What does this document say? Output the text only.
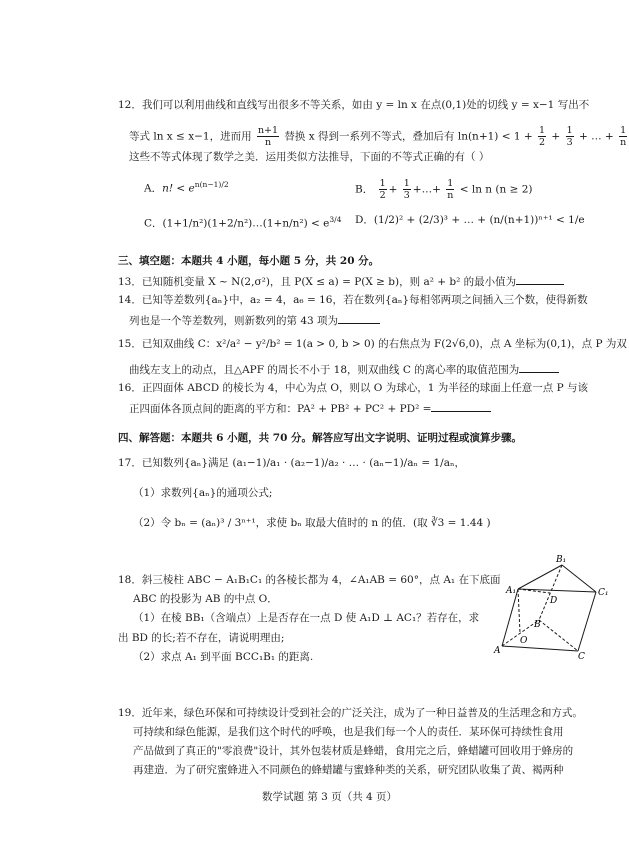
12．我们可以利用曲线和直线写出很多不等关系，如由 y = ln x 在点(0,1)处的切线 y = x−1 写出不
等式 ln x ≤ x−1，进而用 $\frac{n+1}{n}$ 替换 x 得到一系列不等式，叠加后有 $\ln(n+1) < 1 + \frac{1}{2} + \frac{1}{3}$ + … + $\frac{1}{n}$
这些不等式体现了数学之美．运用类似方法推导，下面的不等式正确的有（ ）
A．n! < $e^{n(n-1)/2}$	B． $\frac{1}{2} + \frac{1}{3}$ +…+ $\frac{1}{n} < \ln n$ (n ≥ 2)
C．(1+1/n²)(1+2/n²)…(1+n/n²) < $e^{3/4}$ D．(1/2)² + (2/3)³ + … + (n/(n+1))ⁿ⁺¹ < 1/e
三、填空题：本题共 4 小题，每小题 5 分，共 20 分。
13．已知随机变量 X ~ N(2,σ²)，且 P(X ≤ a) = P(X ≥ b)，则 a² + b² 的最小值为
14．已知等差数列{aₙ}中，a₂ = 4，a₆ = 16，若在数列{aₙ}每相邻两项之间插入三个数，使得新数
列也是一个等差数列，则新数列的第 43 项为
15．已知双曲线 C：x²/a² − y²/b² = 1(a > 0, b > 0) 的右焦点为 F(2√6,0)，点 A 坐标为(0,1)，点 P 为双
曲线左支上的动点，且△APF 的周长不小于 18，则双曲线 C 的离心率的取值范围为
16．正四面体 ABCD 的棱长为 4，中心为点 O，则以 O 为球心，1 为半径的球面上任意一点 P 与该
正四面体各顶点间的距离的平方和：PA² + PB² + PC² + PD² =
四、解答题：本题共 6 小题，共 70 分。解答应写出文字说明、证明过程或演算步骤。
17．已知数列{aₙ}满足 (a₁−1)/a₁ · (a₂−1)/a₂ · … · (aₙ−1)/aₙ = 1/aₙ，
（1）求数列{aₙ}的通项公式;
（2）令 bₙ = (aₙ)³ / 3ⁿ⁺¹，求使 bₙ 取最大值时的 n 的值．(取 ∛3 = 1.44 )
18．斜三棱柱 ABC − A₁B₁C₁ 的各棱长都为 4，∠A₁AB = 60°，点 A₁ 在下底面
ABC 的投影为 AB 的中点 O．
（1）在棱 BB₁（含端点）上是否存在一点 D 使 A₁D ⊥ AC₁？若存在，求
出 BD 的长;若不存在，请说明理由;
（2）求点 A₁ 到平面 BCC₁B₁ 的距离.
B₁
A₁	C₁
D
B
A
O
C
19．近年来，绿色环保和可持续设计受到社会的广泛关注，成为了一种日益普及的生活理念和方式。
可持续和绿色能源，是我们这个时代的呼唤，也是我们每一个人的责任．某环保可持续性食用
产品做到了真正的"零浪费"设计，其外包装材质是蜂蜡，食用完之后，蜂蜡罐可回收用于蜂房的
再建造．为了研究蜜蜂进入不同颜色的蜂蜡罐与蜜蜂种类的关系，研究团队收集了黄、褐两种
数学试题 第 3 页（共 4 页）
